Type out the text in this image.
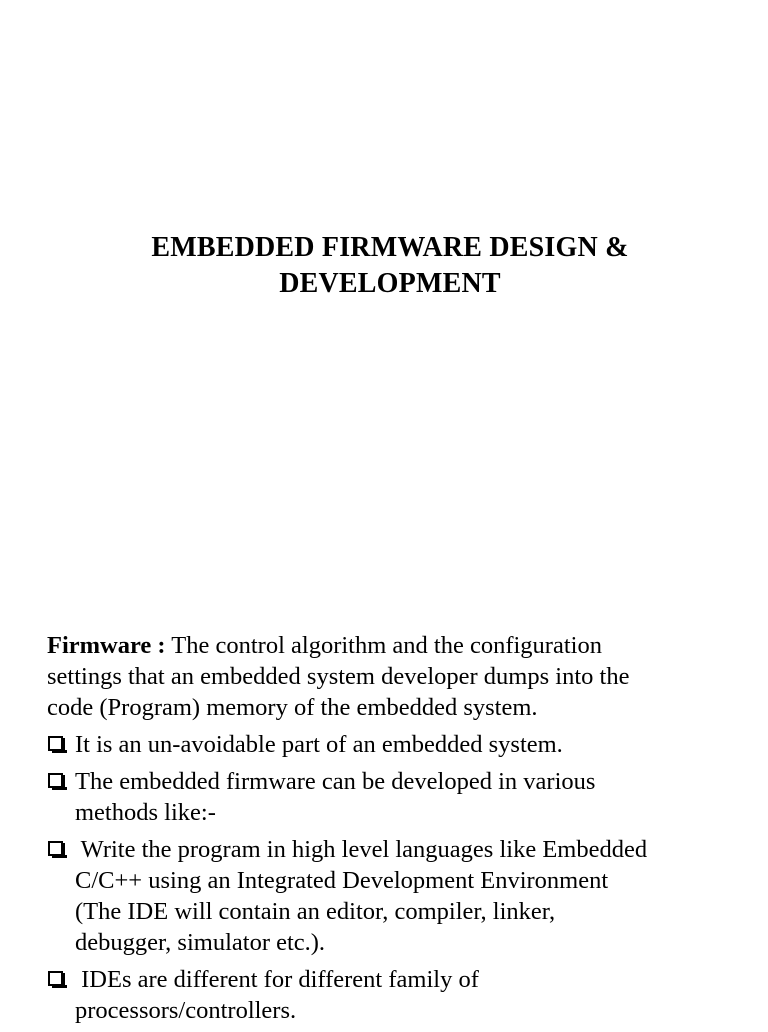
EMBEDDED FIRMWARE DESIGN &
DEVELOPMENT
Firmware : The control algorithm and the configuration
settings that an embedded system developer dumps into the
code (Program) memory of the embedded system.
It is an un-avoidable part of an embedded system.
The embedded firmware can be developed in various
methods like:-
Write the program in high level languages like Embedded
C/C++ using an Integrated Development Environment
(The IDE will contain an editor, compiler, linker,
debugger, simulator etc.).
IDEs are different for different family of
processors/controllers.
